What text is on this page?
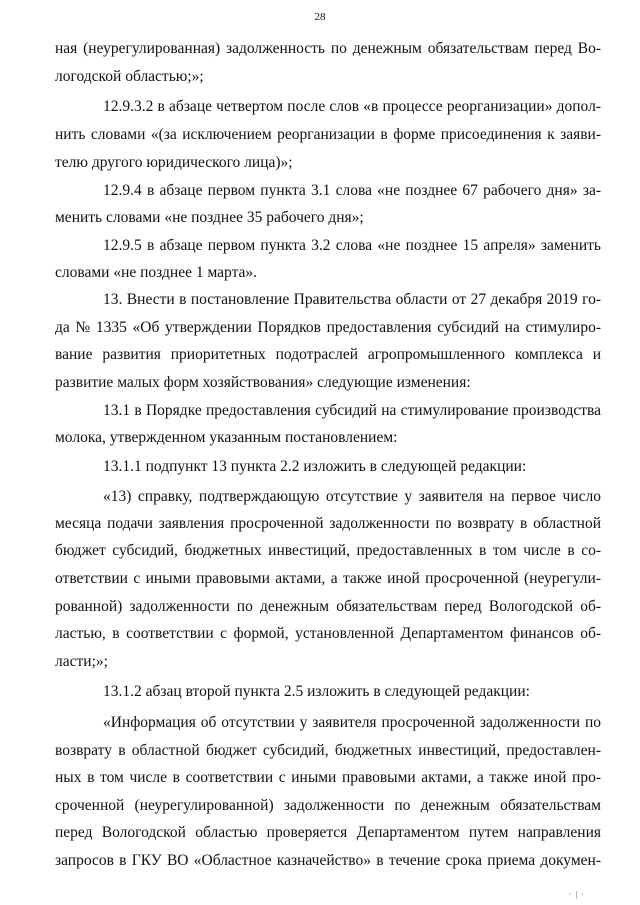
28
ная (неурегулированная) задолженность по денежным обязательствам перед Во-
логодской областью;»;
12.9.3.2 в абзаце четвертом после слов «в процессе реорганизации» допол-
нить словами «(за исключением реорганизации в форме присоединения к заяви-
телю другого юридического лица)»;
12.9.4 в абзаце первом пункта 3.1 слова «не позднее 67 рабочего дня» за-
менить словами «не позднее 35 рабочего дня»;
12.9.5 в абзаце первом пункта 3.2 слова «не позднее 15 апреля» заменить
словами «не позднее 1 марта».
13. Внести в постановление Правительства области от 27 декабря 2019 го-
да № 1335 «Об утверждении Порядков предоставления субсидий на стимулиро-
вание развития приоритетных подотраслей агропромышленного комплекса и
развитие малых форм хозяйствования» следующие изменения:
13.1 в Порядке предоставления субсидий на стимулирование производства
молока, утвержденном указанным постановлением:
13.1.1 подпункт 13 пункта 2.2 изложить в следующей редакции:
«13) справку, подтверждающую отсутствие у заявителя на первое число
месяца подачи заявления просроченной задолженности по возврату в областной
бюджет субсидий, бюджетных инвестиций, предоставленных в том числе в со-
ответствии с иными правовыми актами, а также иной просроченной (неурегули-
рованной) задолженности по денежным обязательствам перед Вологодской об-
ластью, в соответствии с формой, установленной Департаментом финансов об-
ласти;»;
13.1.2 абзац второй пункта 2.5 изложить в следующей редакции:
«Информация об отсутствии у заявителя просроченной задолженности по
возврату в областной бюджет субсидий, бюджетных инвестиций, предоставлен-
ных в том числе в соответствии с иными правовыми актами, а также иной про-
сроченной (неурегулированной) задолженности по денежным обязательствам
перед Вологодской областью проверяется Департаментом путем направления
запросов в ГКУ ВО «Областное казначейство» в течение срока приема докумен-
· | ·
